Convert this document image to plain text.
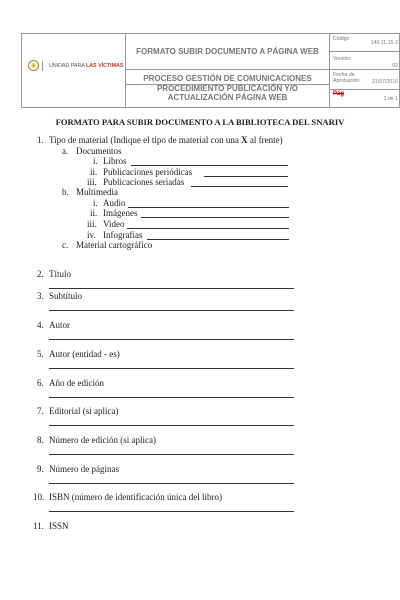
UNIDAD PARA LAS VÍCTIMAS
FORMATO SUBIR DOCUMENTO A PÁGINA WEB
PROCESO GESTIÓN DE COMUNICACIONES
PROCEDIMIENTO PUBLICACIÓN Y/O ACTUALIZACIÓN PÁGINA WEB
Código:
140.11.15-2
Versión:
02
Fecha de Aprobación:	21/07/2016
Pág
1 de 1
FORMATO PARA SUBIR DOCUMENTO A LA BIBLIOTECA DEL SNARIV
1. Tipo de material (Indique el tipo de material con una X al frente)
a. Documentos
i. Libros
ii. Publicaciones periódicas
iii. Publicaciones seriadas
b. Multimedia
i. Audio
ii. Imágenes
iii. Video
iv. Infografías
c. Material cartográfico
2. Título
3. Subtítulo
4. Autor
5. Autor (entidad - es)
6. Año de edición
7. Editorial (si aplica)
8. Número de edición (si aplica)
9. Número de páginas
10. ISBN (número de identificación única del libro)
11. ISSN
